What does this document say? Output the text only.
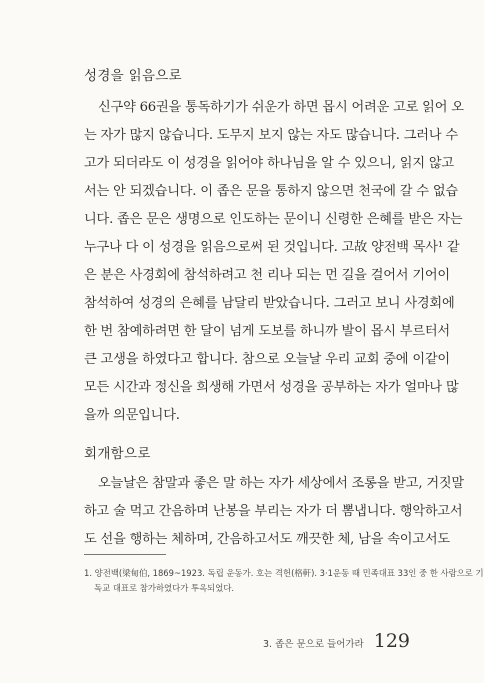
성경을 읽음으로
신구약 66권을 통독하기가 쉬운가 하면 몹시 어려운 고로 읽어 오
는 자가 많지 않습니다. 도무지 보지 않는 자도 많습니다. 그러나 수
고가 되더라도 이 성경을 읽어야 하나님을 알 수 있으니, 읽지 않고
서는 안 되겠습니다. 이 좁은 문을 통하지 않으면 천국에 갈 수 없습
니다. 좁은 문은 생명으로 인도하는 문이니 신령한 은혜를 받은 자는
누구나 다 이 성경을 읽음으로써 된 것입니다. 고故 양전백 목사¹ 같
은 분은 사경회에 참석하려고 천 리나 되는 먼 길을 걸어서 기어이
참석하여 성경의 은혜를 남달리 받았습니다. 그러고 보니 사경회에
한 번 참예하려면 한 달이 넘게 도보를 하니까 발이 몹시 부르터서
큰 고생을 하였다고 합니다. 참으로 오늘날 우리 교회 중에 이같이
모든 시간과 정신을 희생해 가면서 성경을 공부하는 자가 얼마나 많
을까 의문입니다.
회개함으로
오늘날은 참말과 좋은 말 하는 자가 세상에서 조롱을 받고, 거짓말
하고 술 먹고 간음하며 난봉을 부리는 자가 더 뽐냅니다. 행악하고서
도 선을 행하는 체하며, 간음하고서도 깨끗한 체, 남을 속이고서도
1. 양전백(梁甸伯, 1869~1923. 독립 운동가. 호는 격헌(格軒). 3·1운동 때 민족대표 33인 중 한 사람으로 기
독교 대표로 참가하였다가 투옥되었다.
3. 좁은 문으로 들어가라 129
